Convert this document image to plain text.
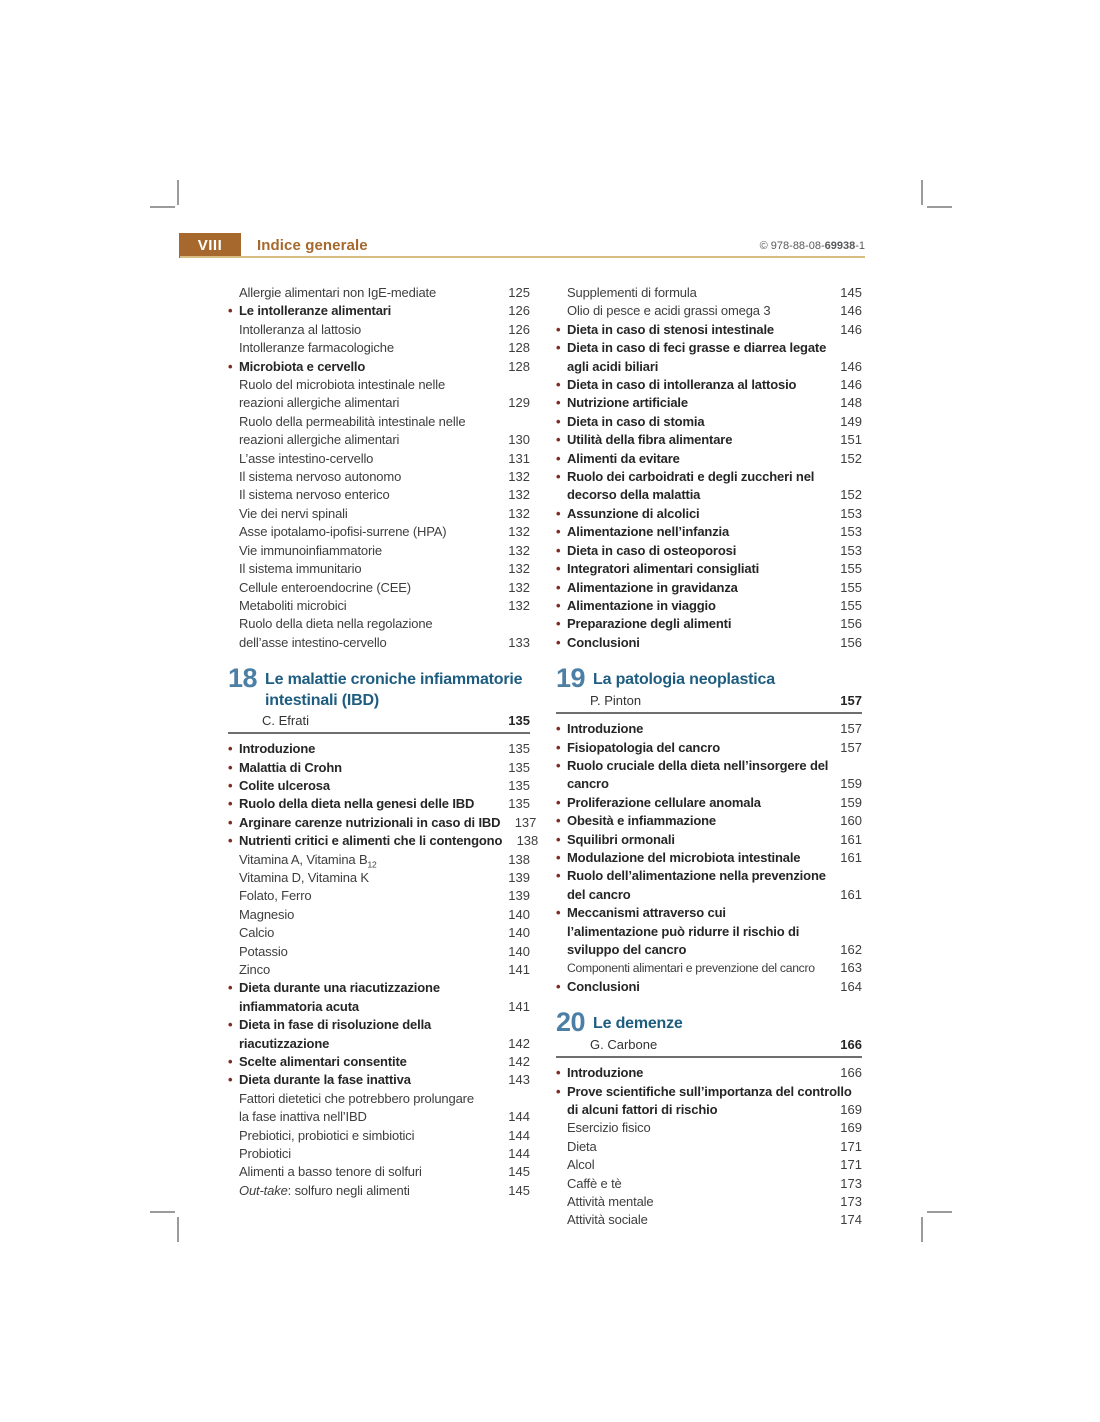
VIII Indice generale	© 978-88-08-69938-1
Allergie alimentari non IgE-mediate	125
• Le intolleranze alimentari	126
Intolleranza al lattosio	126
Intolleranze farmacologiche	128
• Microbiota e cervello	128
Ruolo del microbiota intestinale nelle
reazioni allergiche alimentari	129
Ruolo della permeabilità intestinale nelle
reazioni allergiche alimentari	130
L’asse intestino-cervello	131
Il sistema nervoso autonomo	132
Il sistema nervoso enterico	132
Vie dei nervi spinali	132
Asse ipotalamo-ipofisi-surrene (HPA)	132
Vie immunoinfiammatorie	132
Il sistema immunitario	132
Cellule enteroendocrine (CEE)	132
Metaboliti microbici	132
Ruolo della dieta nella regolazione
dell’asse intestino-cervello	133
18 Le malattie croniche infiammatorie
intestinali (IBD)
C. Efrati	135
• Introduzione	135
• Malattia di Crohn	135
• Colite ulcerosa	135
• Ruolo della dieta nella genesi delle IBD	135
• Arginare carenze nutrizionali in caso di IBD	137
• Nutrienti critici e alimenti che li contengono	138
Vitamina A, Vitamina $B_{12}$	138
Vitamina D, Vitamina K	139
Folato, Ferro	139
Magnesio	140
Calcio	140
Potassio	140
Zinco	141
• Dieta durante una riacutizzazione
infiammatoria acuta	141
• Dieta in fase di risoluzione della
riacutizzazione	142
• Scelte alimentari consentite	142
• Dieta durante la fase inattiva	143
Fattori dietetici che potrebbero prolungare
la fase inattiva nell’IBD	144
Prebiotici, probiotici e simbiotici	144
Probiotici	144
Alimenti a basso tenore di solfuri	145
Out-take: solfuro negli alimenti	145
Supplementi di formula	145
Olio di pesce e acidi grassi omega 3	146
• Dieta in caso di stenosi intestinale	146
• Dieta in caso di feci grasse e diarrea legate
agli acidi biliari	146
• Dieta in caso di intolleranza al lattosio	146
• Nutrizione artificiale	148
• Dieta in caso di stomia	149
• Utilità della fibra alimentare	151
• Alimenti da evitare	152
• Ruolo dei carboidrati e degli zuccheri nel
decorso della malattia	152
• Assunzione di alcolici	153
• Alimentazione nell’infanzia	153
• Dieta in caso di osteoporosi	153
• Integratori alimentari consigliati	155
• Alimentazione in gravidanza	155
• Alimentazione in viaggio	155
• Preparazione degli alimenti	156
• Conclusioni	156
19 La patologia neoplastica
P. Pinton	157
• Introduzione	157
• Fisiopatologia del cancro	157
• Ruolo cruciale della dieta nell’insorgere del
cancro	159
• Proliferazione cellulare anomala	159
• Obesità e infiammazione	160
• Squilibri ormonali	161
• Modulazione del microbiota intestinale	161
• Ruolo dell’alimentazione nella prevenzione
del cancro	161
• Meccanismi attraverso cui
l’alimentazione può ridurre il rischio di
sviluppo del cancro	162
Componenti alimentari e prevenzione del cancro	163
• Conclusioni	164
20 Le demenze
G. Carbone	166
• Introduzione	166
• Prove scientifiche sull’importanza del controllo
di alcuni fattori di rischio	169
Esercizio fisico	169
Dieta	171
Alcol	171
Caffè e tè	173
Attività mentale	173
Attività sociale	174
